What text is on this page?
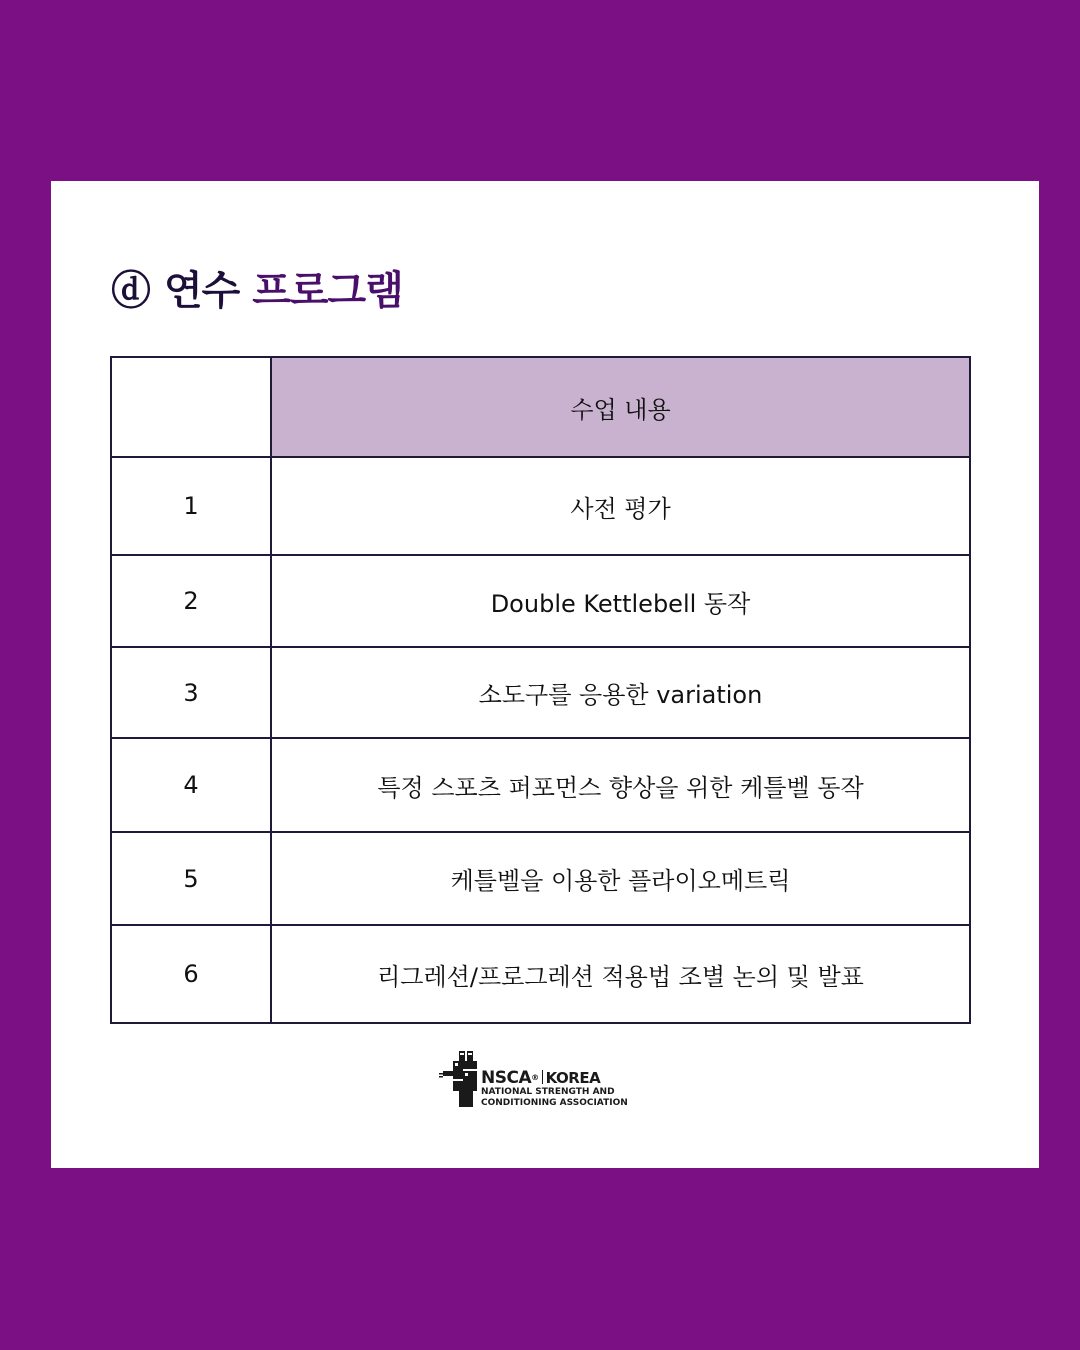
ⓓ 연수 프로그램
	수업 내용
1	사전 평가
2	Double Kettlebell 동작
3	소도구를 응용한 variation
4	특정 스포츠 퍼포먼스 향상을 위한 케틀벨 동작
5	케틀벨을 이용한 플라이오메트릭
6	리그레션/프로그레션 적용법 조별 논의 및 발표
NSCA® KOREA
NATIONAL STRENGTH AND
CONDITIONING ASSOCIATION
